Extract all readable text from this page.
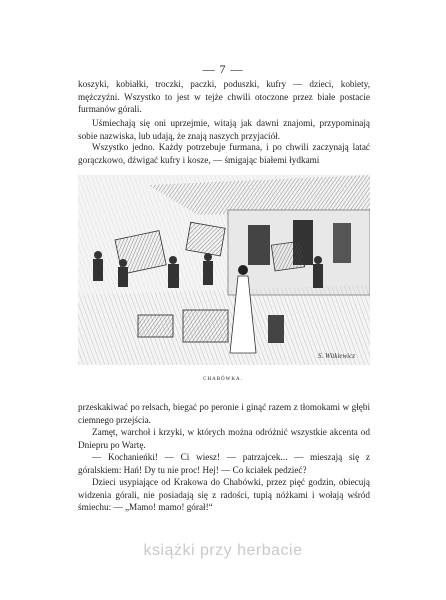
— 7 —

koszyki, kobiałki, troczki, paczki, poduszki, kufry — dzieci, kobiety, mężczyźni. Wszystko to jest w tejże chwili otoczone przez białe postacie furmanów górali.

Uśmiechają się oni uprzejmie, witają jak dawni znajomi, przypominają sobie nazwiska, lub udają, że znają naszych przyjaciół.

Wszystko jedno. Każdy potrzebuje furmana, i po chwili zaczynają latać gorączkowo, dźwigać kufry i kosze, — śmigając białemi łydkami

S. Witkiewicz
CHABÓWKA.

przeskakiwać po relsach, biegać po peronie i ginąć razem z tłomokami w głębi ciemnego przejścia.

Zamęt, warchoł i krzyki, w których można odróżnić wszystkie akcenta od Dniepru po Wartę.

— Kochanieńki! — Ci wiesz! — patrzajcek... — mieszają się z góralskiem: Hań! Dy tu nie proc! Hej! — Co kciałek pedzieć?

Dzieci usypiające od Krakowa do Chabówki, przez pięć godzin, obiecują widzenia górali, nie posiadają się z radości, tupią nóżkami i wołają wśród śmiechu: — „Mamo! mamo! górał!“

książki przy herbacie
